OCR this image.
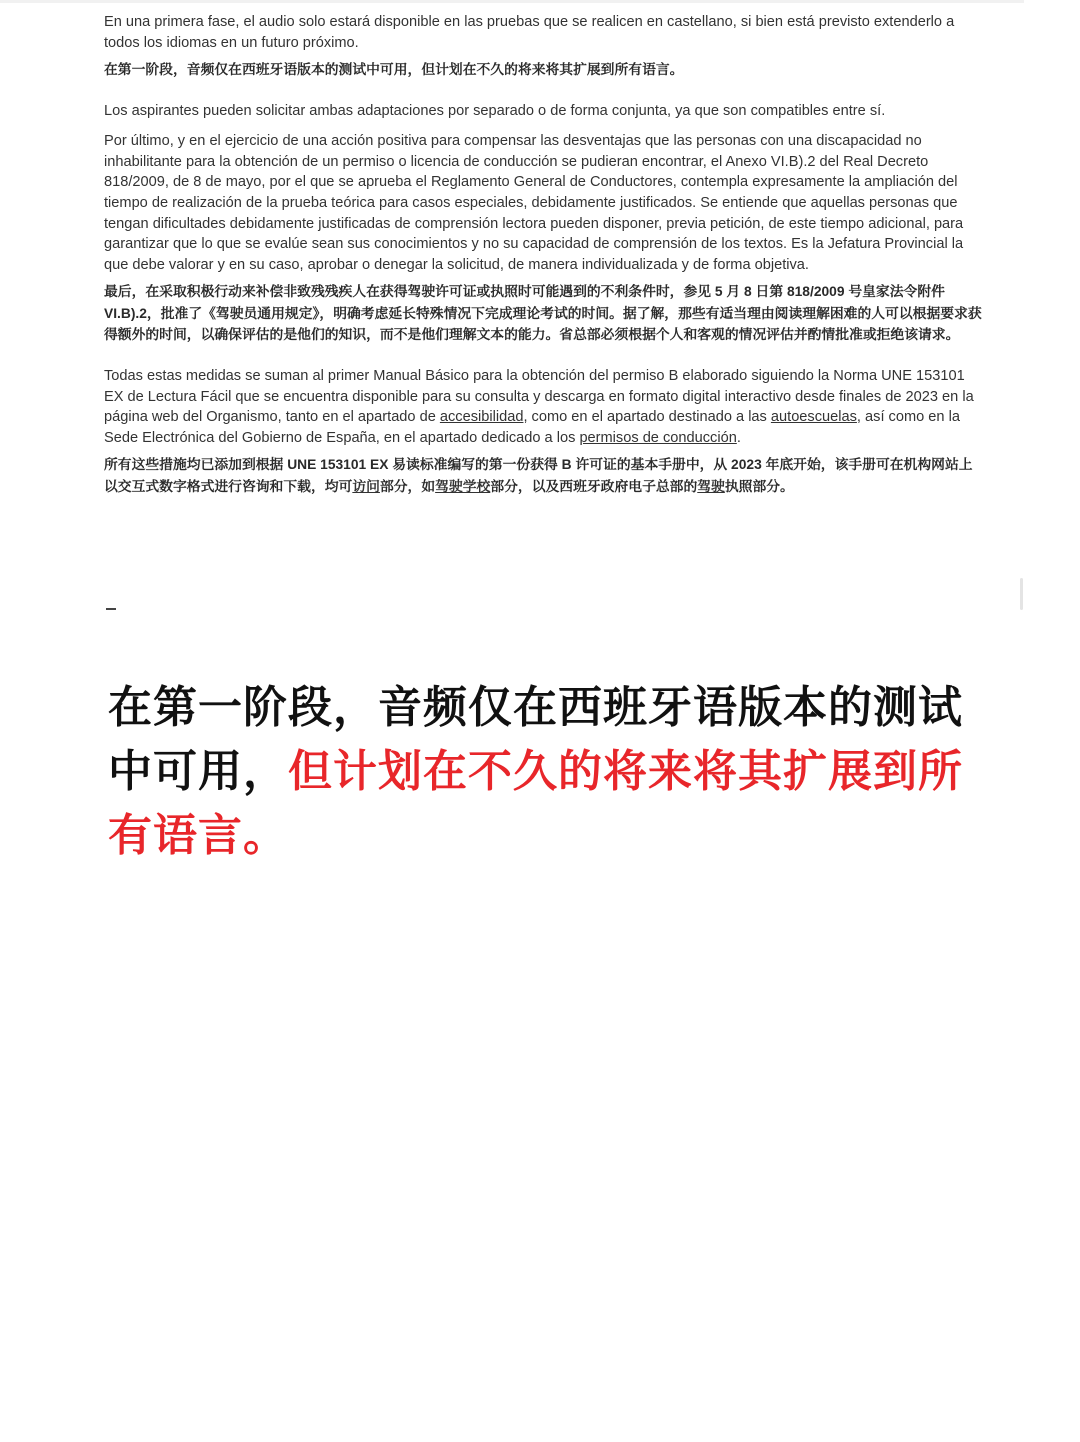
En una primera fase, el audio solo estará disponible en las pruebas que se realicen en castellano, si bien está previsto extenderlo a todos los idiomas en un futuro próximo.

在第一阶段，音频仅在西班牙语版本的测试中可用，但计划在不久的将来将其扩展到所有语言。

Los aspirantes pueden solicitar ambas adaptaciones por separado o de forma conjunta, ya que son compatibles entre sí.

Por último, y en el ejercicio de una acción positiva para compensar las desventajas que las personas con una discapacidad no inhabilitante para la obtención de un permiso o licencia de conducción se pudieran encontrar, el Anexo VI.B).2 del Real Decreto 818/2009, de 8 de mayo, por el que se aprueba el Reglamento General de Conductores, contempla expresamente la ampliación del tiempo de realización de la prueba teórica para casos especiales, debidamente justificados. Se entiende que aquellas personas que tengan dificultades debidamente justificadas de comprensión lectora pueden disponer, previa petición, de este tiempo adicional, para garantizar que lo que se evalúe sean sus conocimientos y no su capacidad de comprensión de los textos. Es la Jefatura Provincial la que debe valorar y en su caso, aprobar o denegar la solicitud, de manera individualizada y de forma objetiva.

最后，在采取积极行动来补偿非致残残疾人在获得驾驶许可证或执照时可能遇到的不利条件时，参见 5 月 8 日第 818/2009 号皇家法令附件 VI.B).2，批准了《驾驶员通用规定》，明确考虑延长特殊情况下完成理论考试的时间。据了解，那些有适当理由阅读理解困难的人可以根据要求获得额外的时间，以确保评估的是他们的知识，而不是他们理解文本的能力。省总部必须根据个人和客观的情况评估并酌情批准或拒绝该请求。

Todas estas medidas se suman al primer Manual Básico para la obtención del permiso B elaborado siguiendo la Norma UNE 153101 EX de Lectura Fácil que se encuentra disponible para su consulta y descarga en formato digital interactivo desde finales de 2023 en la página web del Organismo, tanto en el apartado de accesibilidad, como en el apartado destinado a las autoescuelas, así como en la Sede Electrónica del Gobierno de España, en el apartado dedicado a los permisos de conducción.

所有这些措施均已添加到根据 UNE 153101 EX 易读标准编写的第一份获得 B 许可证的基本手册中，从 2023 年底开始，该手册可在机构网站上以交互式数字格式进行咨询和下载，均可访问部分，如驾驶学校部分，以及西班牙政府电子总部的驾驶执照部分。

在第一阶段，音频仅在西班牙语版本的测试中可用，但计划在不久的将来将其扩展到所有语言。
